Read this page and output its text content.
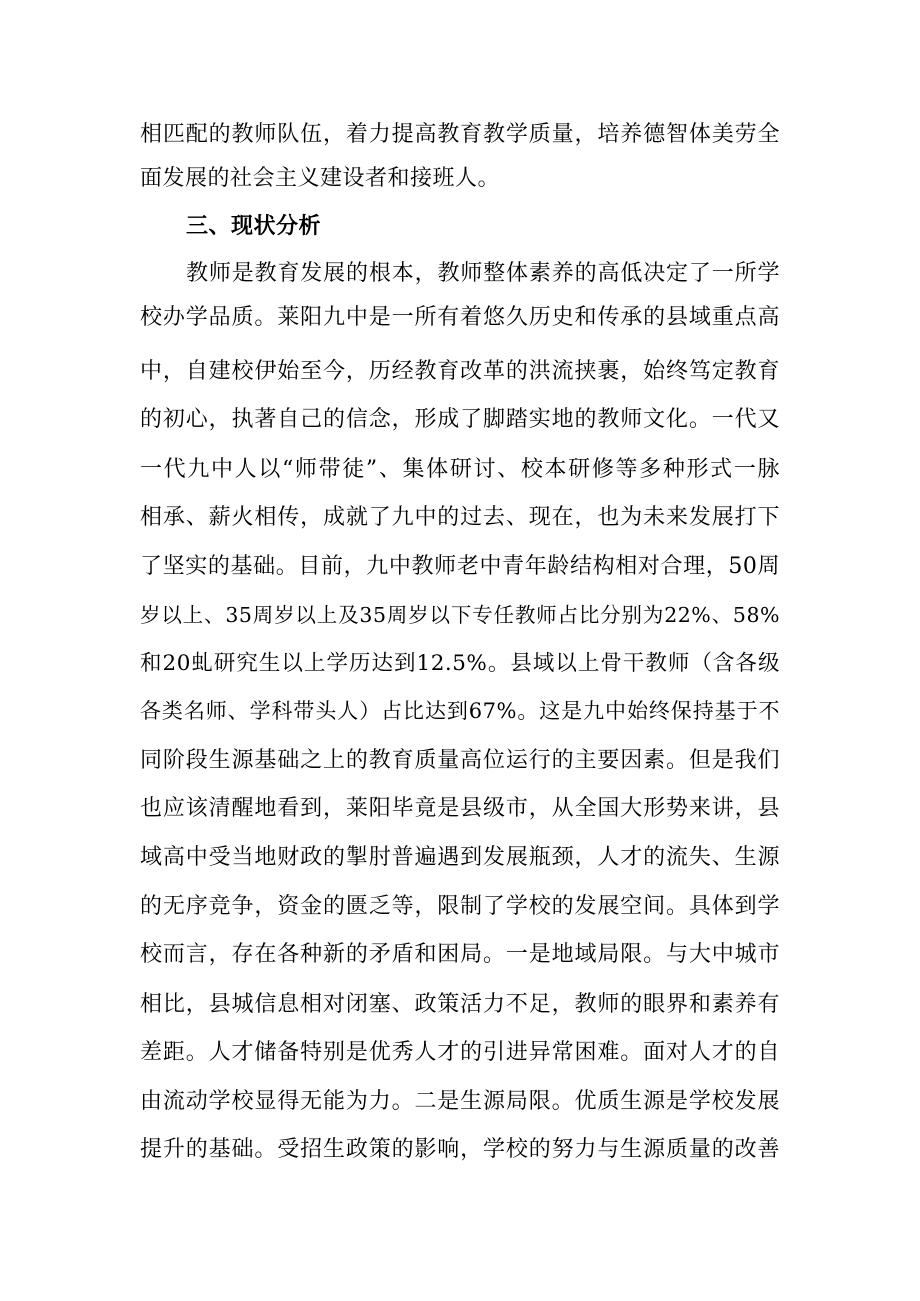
相匹配的教师队伍，着力提高教育教学质量，培养德智体美劳全
面发展的社会主义建设者和接班人。
三、现状分析
教师是教育发展的根本，教师整体素养的高低决定了一所学
校办学品质。莱阳九中是一所有着悠久历史和传承的县域重点高
中，自建校伊始至今，历经教育改革的洪流挟裹，始终笃定教育
的初心，执著自己的信念，形成了脚踏实地的教师文化。一代又
一代九中人以“师带徒”、集体研讨、校本研修等多种形式一脉
相承、薪火相传，成就了九中的过去、现在，也为未来发展打下
了坚实的基础。目前，九中教师老中青年龄结构相对合理，50周
岁以上、35周岁以上及35周岁以下专任教师占比分别为22%、58%
和20虬研究生以上学历达到12.5%。县域以上骨干教师（含各级
各类名师、学科带头人）占比达到67%。这是九中始终保持基于不
同阶段生源基础之上的教育质量高位运行的主要因素。但是我们
也应该清醒地看到，莱阳毕竟是县级市，从全国大形势来讲，县
域高中受当地财政的掣肘普遍遇到发展瓶颈，人才的流失、生源
的无序竞争，资金的匮乏等，限制了学校的发展空间。具体到学
校而言，存在各种新的矛盾和困局。一是地域局限。与大中城市
相比，县城信息相对闭塞、政策活力不足，教师的眼界和素养有
差距。人才储备特别是优秀人才的引进异常困难。面对人才的自
由流动学校显得无能为力。二是生源局限。优质生源是学校发展
提升的基础。受招生政策的影响，学校的努力与生源质量的改善
